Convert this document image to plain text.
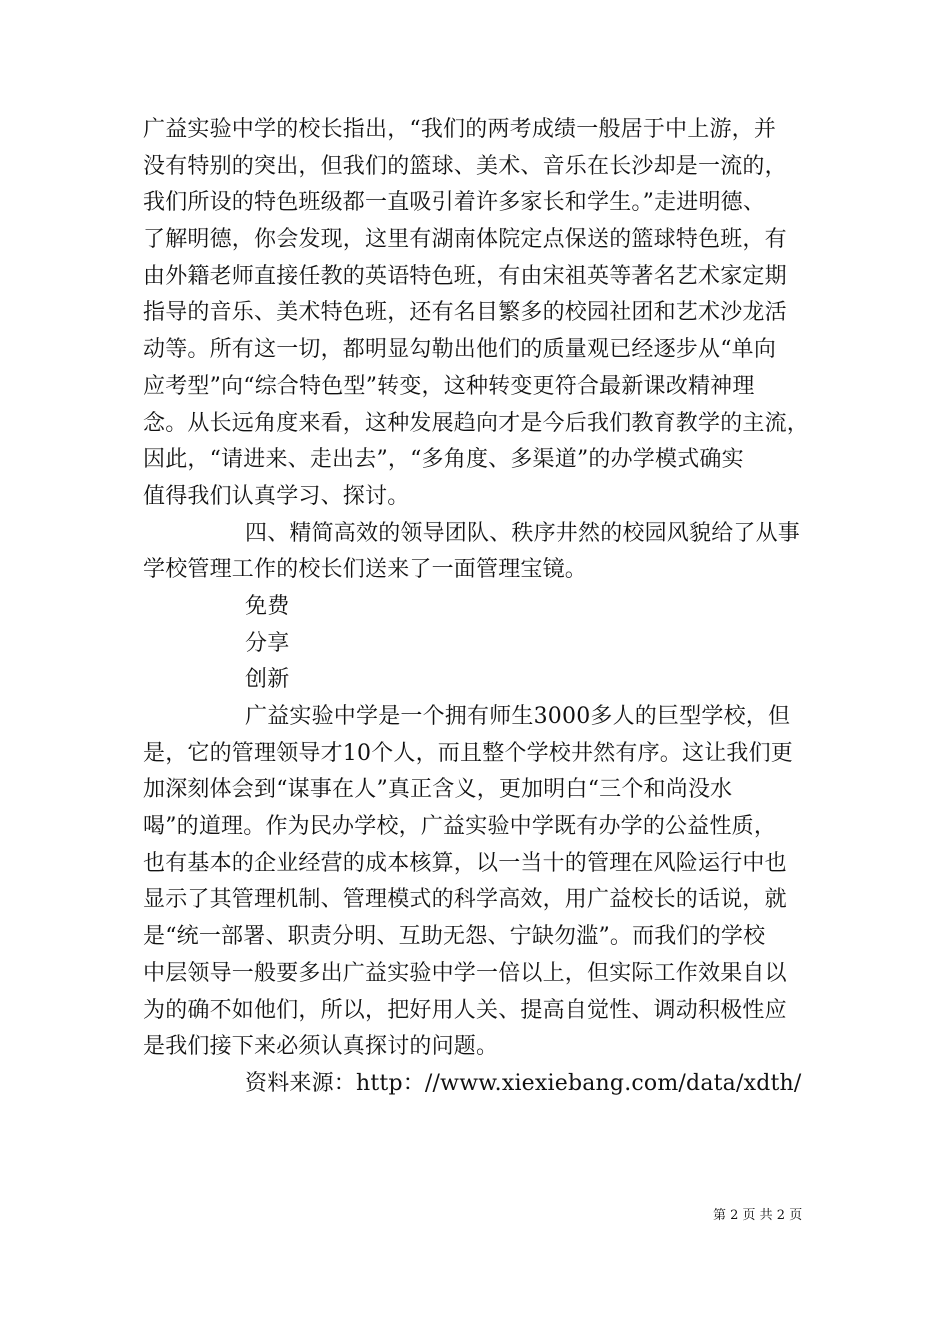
广益实验中学的校长指出，“我们的两考成绩一般居于中上游，并
没有特别的突出，但我们的篮球、美术、音乐在长沙却是一流的，
我们所设的特色班级都一直吸引着许多家长和学生。”走进明德、
了解明德，你会发现，这里有湖南体院定点保送的篮球特色班，有
由外籍老师直接任教的英语特色班，有由宋祖英等著名艺术家定期
指导的音乐、美术特色班，还有名目繁多的校园社团和艺术沙龙活
动等。所有这一切，都明显勾勒出他们的质量观已经逐步从“单向
应考型”向“综合特色型”转变，这种转变更符合最新课改精神理
念。从长远角度来看，这种发展趋向才是今后我们教育教学的主流，
因此，“请进来、走出去”，“多角度、多渠道”的办学模式确实
值得我们认真学习、探讨。
四、精简高效的领导团队、秩序井然的校园风貌给了从事
学校管理工作的校长们送来了一面管理宝镜。
免费
分享
创新
广益实验中学是一个拥有师生3000多人的巨型学校，但
是，它的管理领导才10个人，而且整个学校井然有序。这让我们更
加深刻体会到“谋事在人”真正含义，更加明白“三个和尚没水
喝”的道理。作为民办学校，广益实验中学既有办学的公益性质，
也有基本的企业经营的成本核算，以一当十的管理在风险运行中也
显示了其管理机制、管理模式的科学高效，用广益校长的话说，就
是“统一部署、职责分明、互助无怨、宁缺勿滥”。而我们的学校
中层领导一般要多出广益实验中学一倍以上，但实际工作效果自以
为的确不如他们，所以，把好用人关、提高自觉性、调动积极性应
是我们接下来必须认真探讨的问题。
资料来源：http：//www.xiexiebang.com/data/xdth/
第 2 页 共 2 页
